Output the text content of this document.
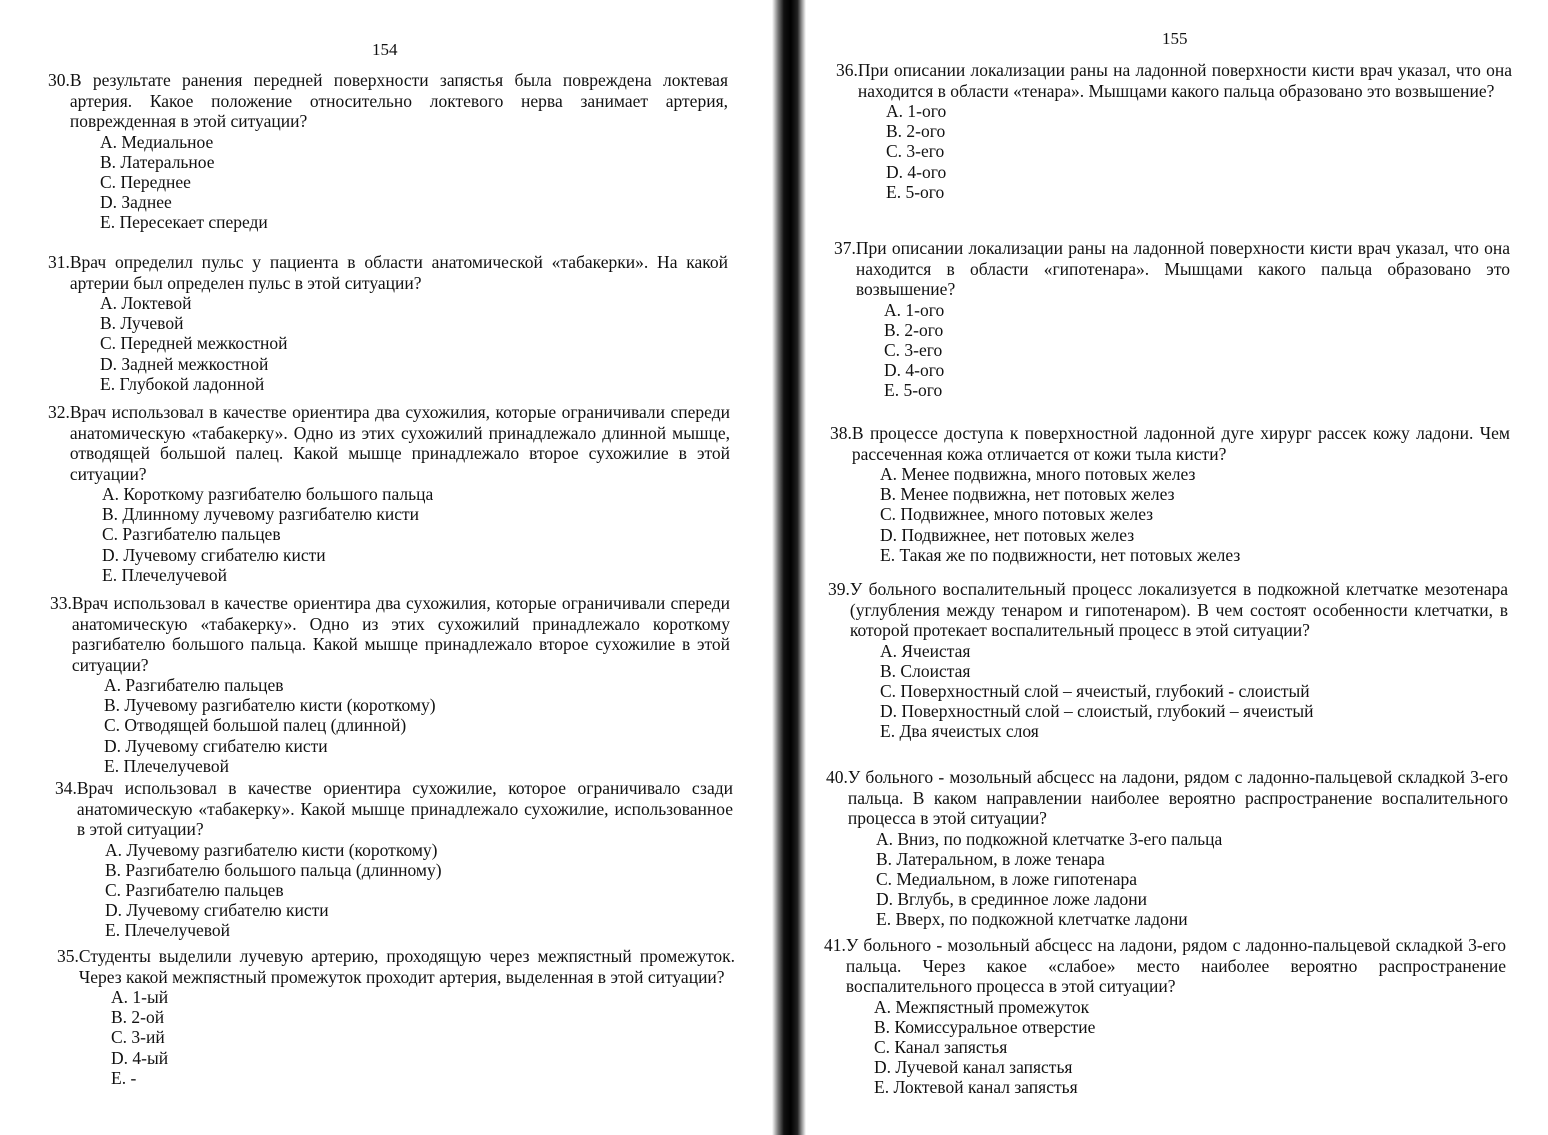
154
30. В результате ранения передней поверхности запястья была повреждена локтевая артерия. Какое положение относительно локтевого нерва занимает артерия, поврежденная в этой ситуации?
A. Медиальное
B. Латеральное
C. Переднее
D. Заднее
E. Пересекает спереди
31. Врач определил пульс у пациента в области анатомической «табакерки». На какой артерии был определен пульс в этой ситуации?
A. Локтевой
B. Лучевой
C. Передней межкостной
D. Задней межкостной
E. Глубокой ладонной
32. Врач использовал в качестве ориентира два сухожилия, которые ограничивали спереди анатомическую «табакерку». Одно из этих сухожилий принадлежало длинной мышце, отводящей большой палец. Какой мышце принадлежало второе сухожилие в этой ситуации?
A. Короткому разгибателю большого пальца
B. Длинному лучевому разгибателю кисти
C. Разгибателю пальцев
D. Лучевому сгибателю кисти
E. Плечелучевой
33. Врач использовал в качестве ориентира два сухожилия, которые ограничивали спереди анатомическую «табакерку». Одно из этих сухожилий принадлежало короткому разгибателю большого пальца. Какой мышце принадлежало второе сухожилие в этой ситуации?
A. Разгибателю пальцев
B. Лучевому разгибателю кисти (короткому)
C. Отводящей большой палец (длинной)
D. Лучевому сгибателю кисти
E. Плечелучевой
34. Врач использовал в качестве ориентира сухожилие, которое ограничивало сзади анатомическую «табакерку». Какой мышце принадлежало сухожилие, использованное в этой ситуации?
A. Лучевому разгибателю кисти (короткому)
B. Разгибателю большого пальца (длинному)
C. Разгибателю пальцев
D. Лучевому сгибателю кисти
E. Плечелучевой
35. Студенты выделили лучевую артерию, проходящую через межпястный промежуток. Через какой межпястный промежуток проходит артерия, выделенная в этой ситуации?
A. 1-ый
B. 2-ой
C. 3-ий
D. 4-ый
E. -
155
36. При описании локализации раны на ладонной поверхности кисти врач указал, что она находится в области «тенара». Мышцами какого пальца образовано это возвышение?
A. 1-ого
B. 2-ого
C. 3-его
D. 4-ого
E. 5-ого
37. При описании локализации раны на ладонной поверхности кисти врач указал, что она находится в области «гипотенара». Мышцами какого пальца образовано это возвышение?
A. 1-ого
B. 2-ого
C. 3-его
D. 4-ого
E. 5-ого
38. В процессе доступа к поверхностной ладонной дуге хирург рассек кожу ладони. Чем рассеченная кожа отличается от кожи тыла кисти?
A. Менее подвижна, много потовых желез
B. Менее подвижна, нет потовых желез
C. Подвижнее, много потовых желез
D. Подвижнее, нет потовых желез
E. Такая же по подвижности, нет потовых желез
39. У больного воспалительный процесс локализуется в подкожной клетчатке мезотенара (углубления между тенаром и гипотенаром). В чем состоят особенности клетчатки, в которой протекает воспалительный процесс в этой ситуации?
A. Ячеистая
B. Слоистая
C. Поверхностный слой – ячеистый, глубокий - слоистый
D. Поверхностный слой – слоистый, глубокий – ячеистый
E. Два ячеистых слоя
40. У больного - мозольный абсцесс на ладони, рядом с ладонно-пальцевой складкой 3-его пальца. В каком направлении наиболее вероятно распространение воспалительного процесса в этой ситуации?
A. Вниз, по подкожной клетчатке 3-его пальца
B. Латеральном, в ложе тенара
C. Медиальном, в ложе гипотенара
D. Вглубь, в срединное ложе ладони
E. Вверх, по подкожной клетчатке ладони
41. У больного - мозольный абсцесс на ладони, рядом с ладонно-пальцевой складкой 3-его пальца. Через какое «слабое» место наиболее вероятно распространение воспалительного процесса в этой ситуации?
A. Межпястный промежуток
B. Комиссуральное отверстие
C. Канал запястья
D. Лучевой канал запястья
E. Локтевой канал запястья
